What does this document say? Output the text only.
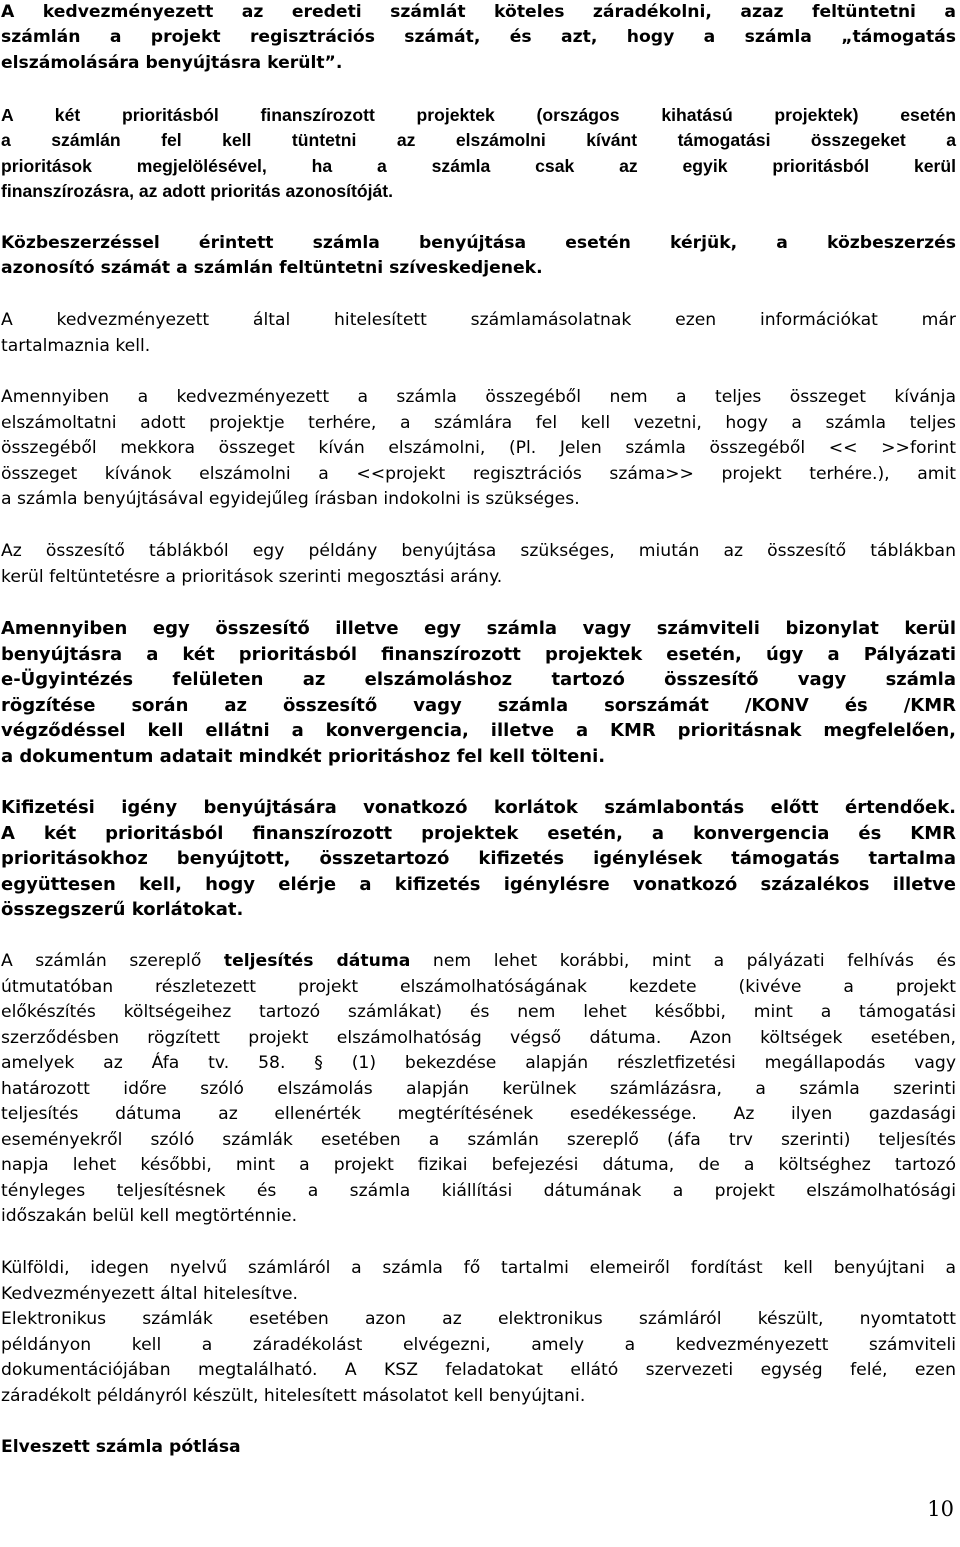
A kedvezményezett az eredeti számlát köteles záradékolni, azaz feltüntetni a
számlán a projekt regisztrációs számát, és azt, hogy a számla „támogatás
elszámolására benyújtásra került”.

A két prioritásból finanszírozott projektek (országos kihatású projektek) esetén
a számlán fel kell tüntetni az elszámolni kívánt támogatási összegeket a
prioritások megjelölésével, ha a számla csak az egyik prioritásból kerül
finanszírozásra, az adott prioritás azonosítóját.

Közbeszerzéssel érintett számla benyújtása esetén kérjük, a közbeszerzés
azonosító számát a számlán feltüntetni szíveskedjenek.

A kedvezményezett által hitelesített számlamásolatnak ezen információkat már
tartalmaznia kell.

Amennyiben a kedvezményezett a számla összegéből nem a teljes összeget kívánja
elszámoltatni adott projektje terhére, a számlára fel kell vezetni, hogy a számla teljes
összegéből mekkora összeget kíván elszámolni, (Pl. Jelen számla összegéből << >>forint
összeget kívánok elszámolni a <<projekt regisztrációs száma>> projekt terhére.), amit
a számla benyújtásával egyidejűleg írásban indokolni is szükséges.

Az összesítő táblákból egy példány benyújtása szükséges, miután az összesítő táblákban
kerül feltüntetésre a prioritások szerinti megosztási arány.

Amennyiben egy összesítő illetve egy számla vagy számviteli bizonylat kerül
benyújtásra a két prioritásból finanszírozott projektek esetén, úgy a Pályázati
e-Ügyintézés felületen az elszámoláshoz tartozó összesítő vagy számla
rögzítése során az összesítő vagy számla sorszámát /KONV és /KMR
végződéssel kell ellátni a konvergencia, illetve a KMR prioritásnak megfelelően,
a dokumentum adatait mindkét prioritáshoz fel kell tölteni.

Kifizetési igény benyújtására vonatkozó korlátok számlabontás előtt értendőek.
A két prioritásból finanszírozott projektek esetén, a konvergencia és KMR
prioritásokhoz benyújtott, összetartozó kifizetés igénylések támogatás tartalma
együttesen kell, hogy elérje a kifizetés igénylésre vonatkozó százalékos illetve
összegszerű korlátokat.

A számlán szereplő teljesítés dátuma nem lehet korábbi, mint a pályázati felhívás és
útmutatóban részletezett projekt elszámolhatóságának kezdete (kivéve a projekt
előkészítés költségeihez tartozó számlákat) és nem lehet későbbi, mint a támogatási
szerződésben rögzített projekt elszámolhatóság végső dátuma. Azon költségek esetében,
amelyek az Áfa tv. 58. § (1) bekezdése alapján részletfizetési megállapodás vagy
határozott időre szóló elszámolás alapján kerülnek számlázásra, a számla szerinti
teljesítés dátuma az ellenérték megtérítésének esedékessége. Az ilyen gazdasági
eseményekről szóló számlák esetében a számlán szereplő (áfa trv szerinti) teljesítés
napja lehet későbbi, mint a projekt fizikai befejezési dátuma, de a költséghez tartozó
tényleges teljesítésnek és a számla kiállítási dátumának a projekt elszámolhatósági
időszakán belül kell megtörténnie.

Külföldi, idegen nyelvű számláról a számla fő tartalmi elemeiről fordítást kell benyújtani a
Kedvezményezett által hitelesítve.

Elektronikus számlák esetében azon az elektronikus számláról készült, nyomtatott
példányon kell a záradékolást elvégezni, amely a kedvezményezett számviteli
dokumentációjában megtalálható. A KSZ feladatokat ellátó szervezeti egység felé, ezen
záradékolt példányról készült, hitelesített másolatot kell benyújtani.

Elveszett számla pótlása

10
